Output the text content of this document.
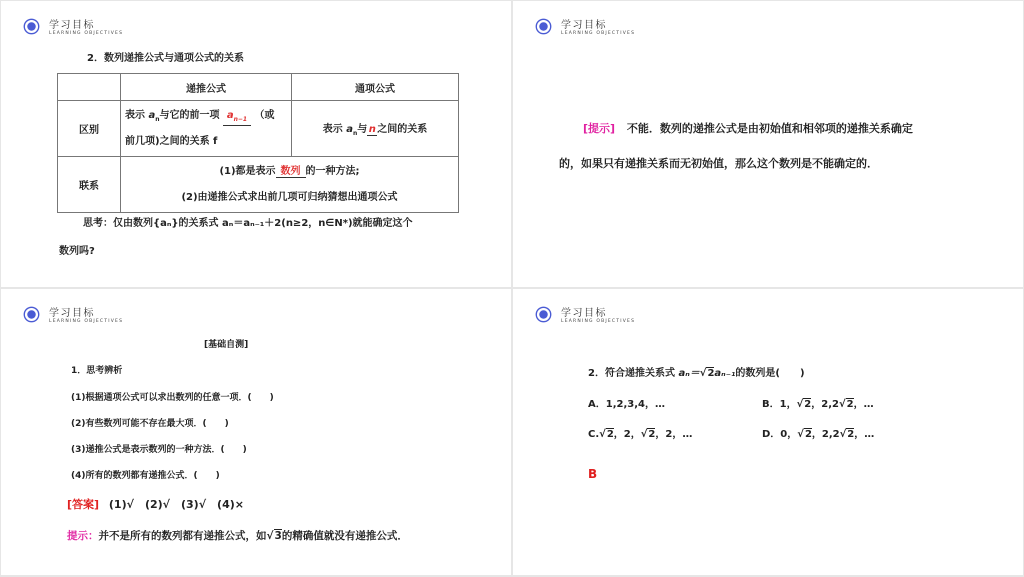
学习目标
LEARNING OBJECTIVES
2．数列递推公式与通项公式的关系
	递推公式	通项公式
区别	表示 $a_n$与它的前一项 $a_{n-1}$ （或
前几项)之间的关系 f	表示 $a_n$与n之间的关系
联系	(1)都是表示 数列 的一种方法;
(2)由递推公式求出前几项可归纳猜想出通项公式	
思考：仅由数列{aₙ}的关系式 aₙ＝aₙ₋₁＋2(n≥2，n∈N*)就能确定这个
数列吗?
学习目标
LEARNING OBJECTIVES
[提示] 不能．数列的递推公式是由初始值和相邻项的递推关系确定
的，如果只有递推关系而无初始值，那么这个数列是不能确定的．
学习目标
LEARNING OBJECTIVES
[基础自测]
1．思考辨析
(1)根据通项公式可以求出数列的任意一项．(　　)
(2)有些数列可能不存在最大项．(　　)
(3)递推公式是表示数列的一种方法．(　　)
(4)所有的数列都有递推公式．(　　)
[答案] (1)√　(2)√　(3)√　(4)×
提示：并不是所有的数列都有递推公式，如√3的精确值就没有递推公式．
学习目标
LEARNING OBJECTIVES
2．符合递推关系式 aₙ＝√2aₙ₋₁的数列是(　　)
A．1,2,3,4，…	B．1，√2，2,2√2，…
C.√2，2，√2，2，…	D．0，√2，2,2√2，…
B
